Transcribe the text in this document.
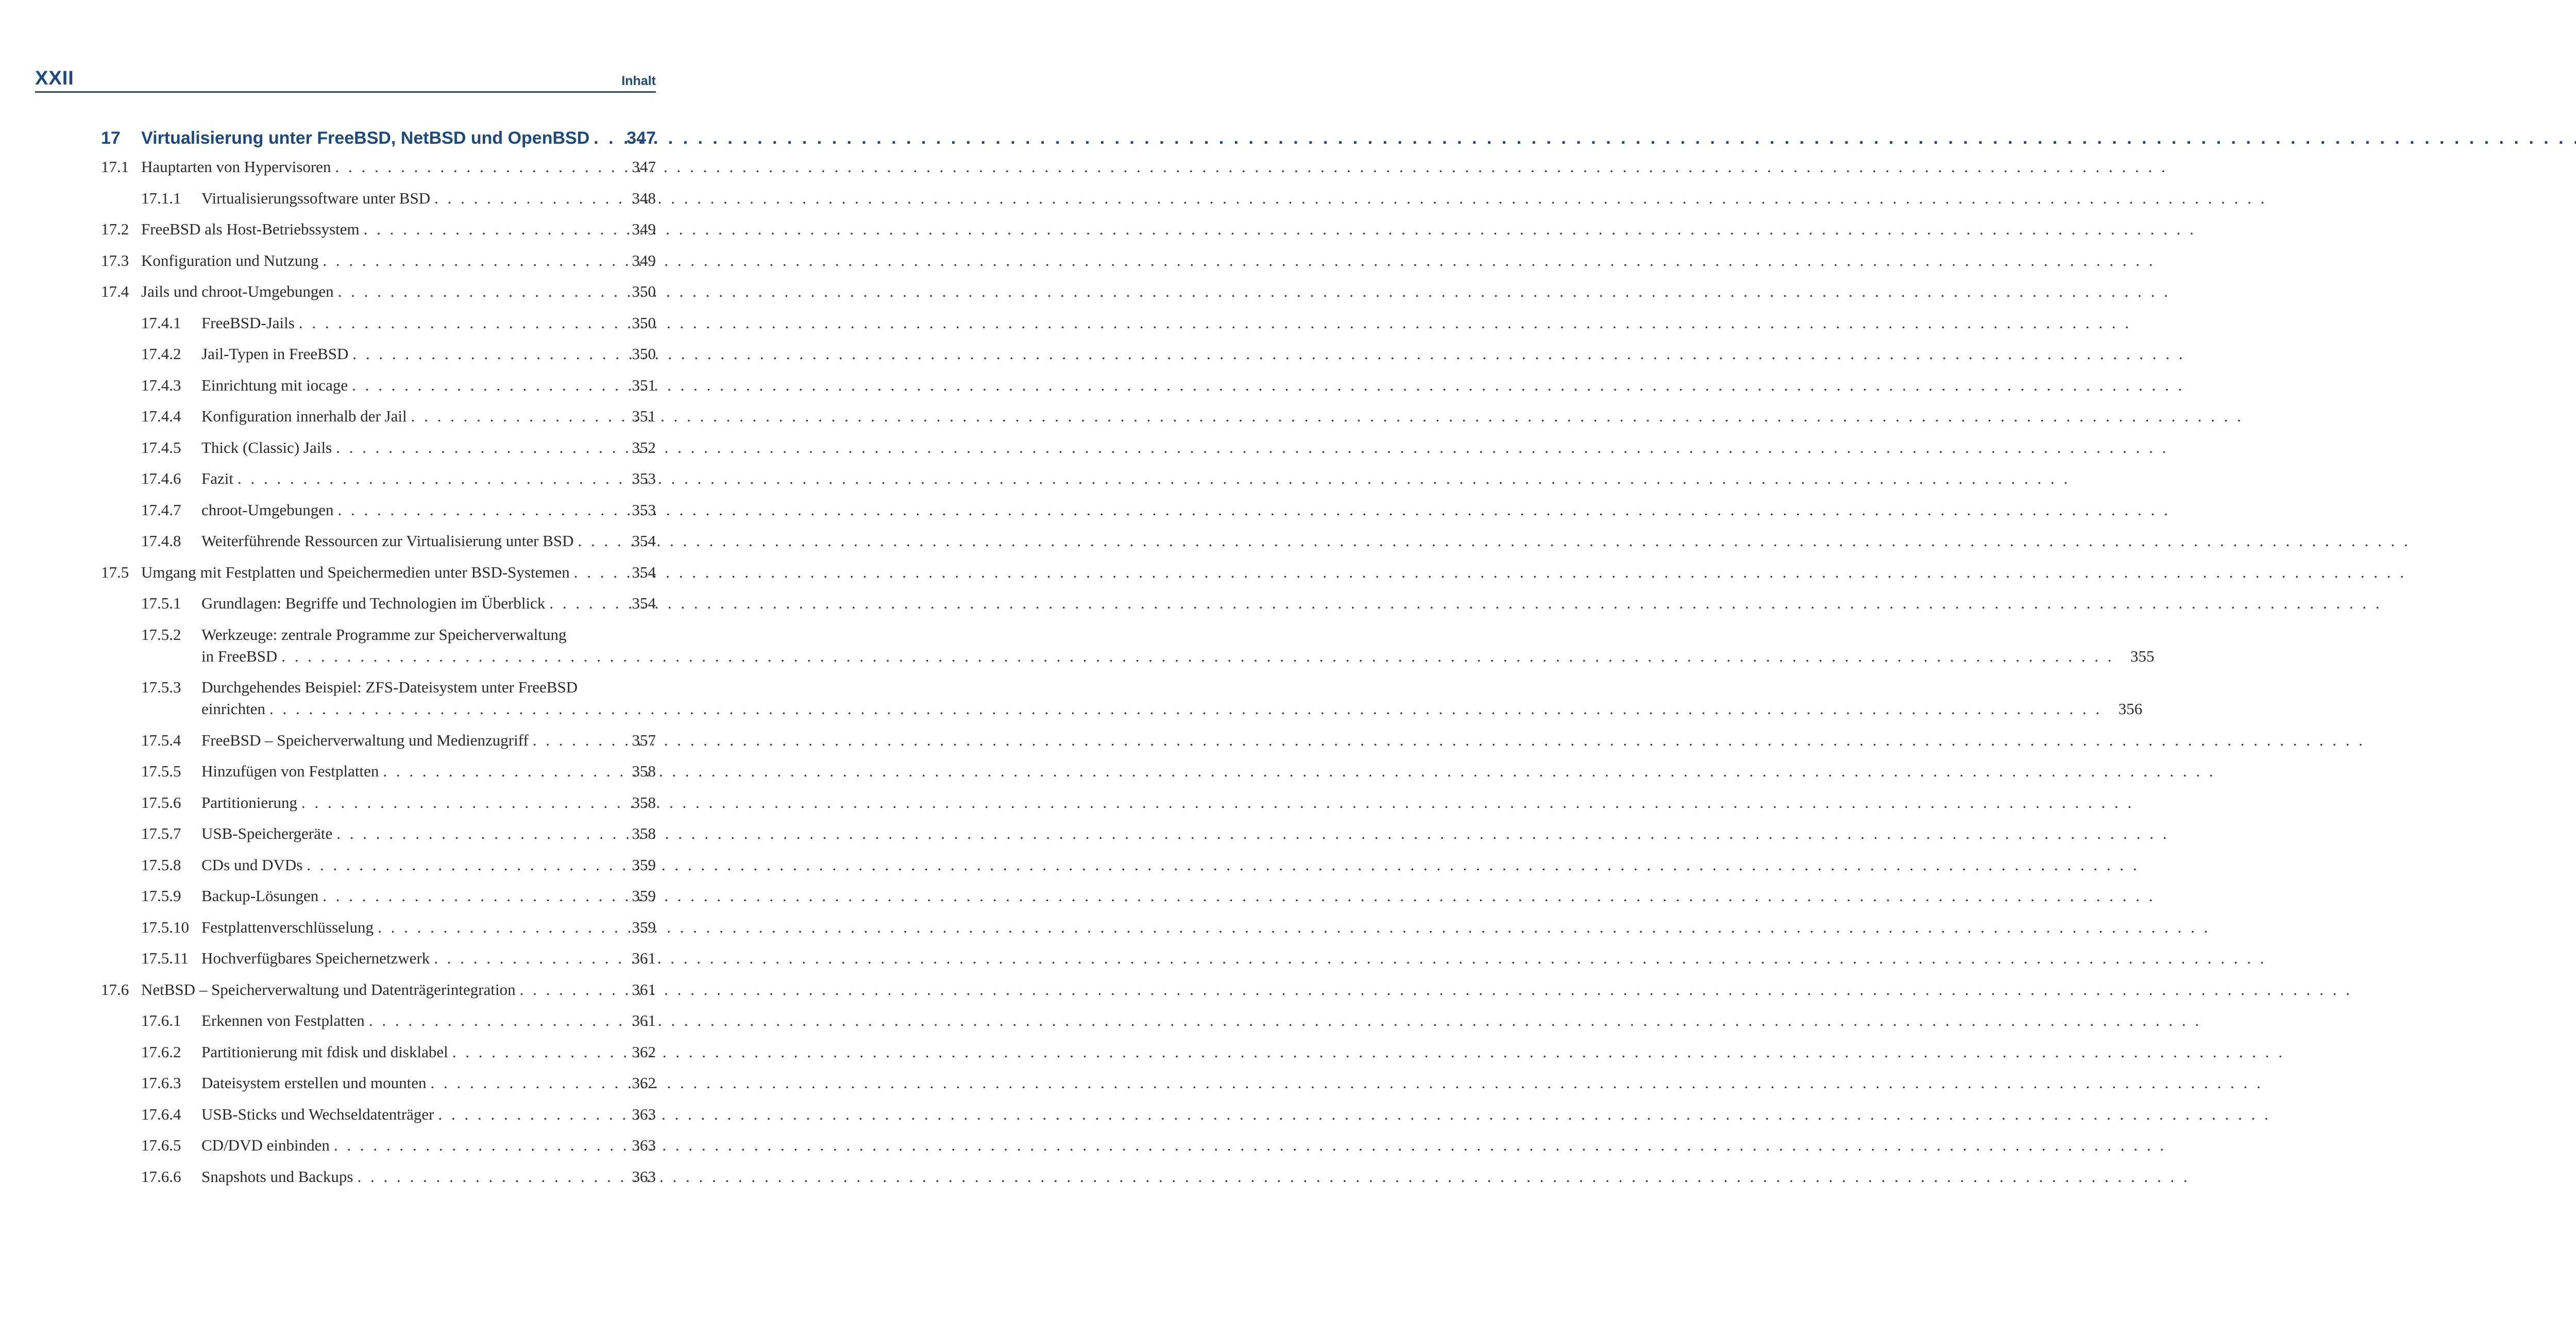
XXII	Inhalt
17	Virtualisierung unter FreeBSD, NetBSD und OpenBSD . . .	347
17.1 Hauptarten von Hypervisoren . . .	347
17.1.1	Virtualisierungssoftware unter BSD . . .	348
17.2 FreeBSD als Host-Betriebssystem . . .	349
17.3 Konfiguration und Nutzung . . .	349
17.4 Jails und chroot-Umgebungen . . .	350
17.4.1	FreeBSD-Jails . . .	350
17.4.2	Jail-Typen in FreeBSD . . .	350
17.4.3	Einrichtung mit iocage . . .	351
17.4.4	Konfiguration innerhalb der Jail . . .	351
17.4.5	Thick (Classic) Jails . . .	352
17.4.6	Fazit . . .	353
17.4.7	chroot-Umgebungen . . .	353
17.4.8	Weiterführende Ressourcen zur Virtualisierung unter BSD . . .	354
17.5 Umgang mit Festplatten und Speichermedien unter BSD-Systemen . . .	354
17.5.1	Grundlagen: Begriffe und Technologien im Überblick . . .	354
17.5.2	Werkzeuge: zentrale Programme zur Speicherverwaltung
in FreeBSD . . .	355
17.5.3	Durchgehendes Beispiel: ZFS-Dateisystem unter FreeBSD
einrichten . . .	356
17.5.4	FreeBSD – Speicherverwaltung und Medienzugriff . . .	357
17.5.5	Hinzufügen von Festplatten . . .	358
17.5.6	Partitionierung . . .	358
17.5.7	USB-Speichergeräte . . .	358
17.5.8	CDs und DVDs . . .	359
17.5.9	Backup-Lösungen . . .	359
17.5.10 Festplattenverschlüsselung . . .	359
17.5.11 Hochverfügbares Speichernetzwerk . . .	361
17.6 NetBSD – Speicherverwaltung und Datenträgerintegration . . .	361
17.6.1	Erkennen von Festplatten . . .	361
17.6.2	Partitionierung mit fdisk und disklabel . . .	362
17.6.3	Dateisystem erstellen und mounten . . .	362
17.6.4	USB-Sticks und Wechseldatenträger . . .	363
17.6.5	CD/DVD einbinden . . .	363
17.6.6	Snapshots und Backups . . .	363
